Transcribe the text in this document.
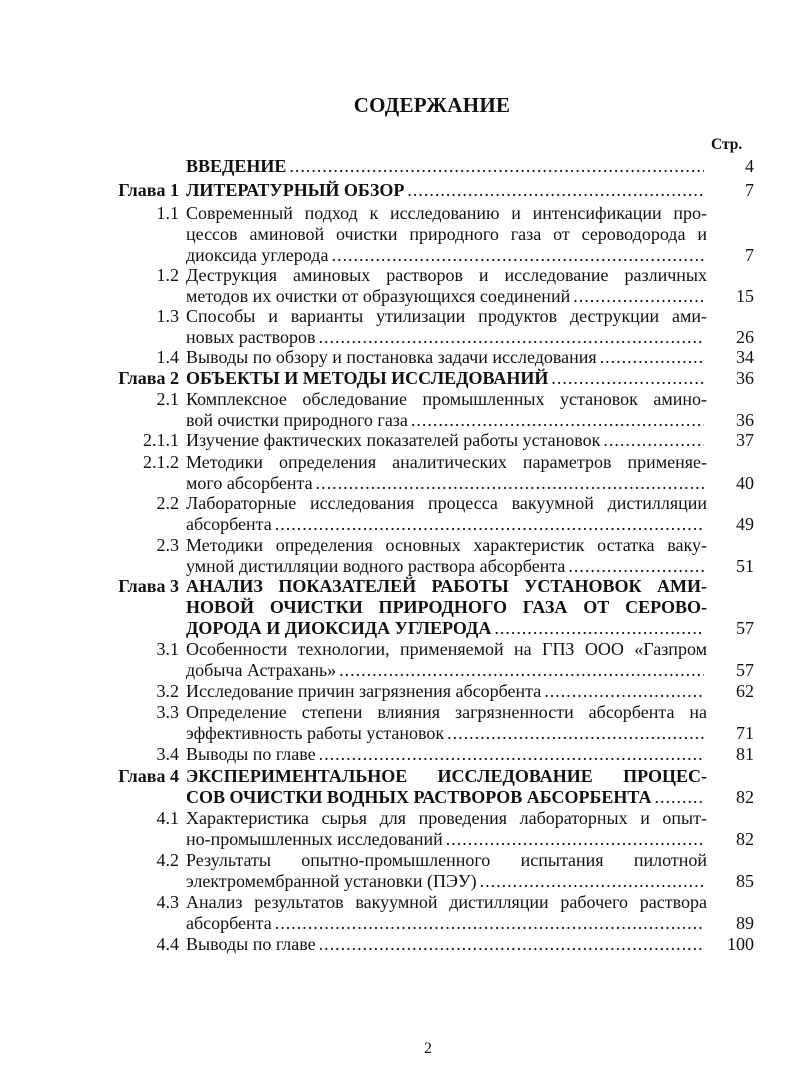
СОДЕРЖАНИЕ
Стр.
ВВЕДЕНИЕ .....	4
Глава 1 ЛИТЕРАТУРНЫЙ ОБЗОР .....	7
1.1 Современный подход к исследованию и интенсификации про-
цессов аминовой очистки природного газа от сероводорода и
диоксида углерода .....	7
1.2 Деструкция аминовых растворов и исследование различных
методов их очистки от образующихся соединений .....	15
1.3 Способы и варианты утилизации продуктов деструкции ами-
новых растворов .....	26
1.4 Выводы по обзору и постановка задачи исследования .....	34
Глава 2 ОБЪЕКТЫ И МЕТОДЫ ИССЛЕДОВАНИЙ .....	36
2.1 Комплексное обследование промышленных установок амино-
вой очистки природного газа .....	36
2.1.1 Изучение фактических показателей работы установок .....	37
2.1.2 Методики определения аналитических параметров применяе-
мого абсорбента .....	40
2.2 Лабораторные исследования процесса вакуумной дистилляции
абсорбента .....	49
2.3 Методики определения основных характеристик остатка ваку-
умной дистилляции водного раствора абсорбента .....	51
Глава 3 АНАЛИЗ ПОКАЗАТЕЛЕЙ РАБОТЫ УСТАНОВОК АМИ-
НОВОЙ ОЧИСТКИ ПРИРОДНОГО ГАЗА ОТ СЕРОВО-
ДОРОДА И ДИОКСИДА УГЛЕРОДА .....	57
3.1 Особенности технологии, применяемой на ГПЗ ООО «Газпром
добыча Астрахань» .....	57
3.2 Исследование причин загрязнения абсорбента .....	62
3.3 Определение степени влияния загрязненности абсорбента на
эффективность работы установок .....	71
3.4 Выводы по главе .....	81
Глава 4 ЭКСПЕРИМЕНТАЛЬНОЕ ИССЛЕДОВАНИЕ ПРОЦЕС-
СОВ ОЧИСТКИ ВОДНЫХ РАСТВОРОВ АБСОРБЕНТА .....	82
4.1 Характеристика сырья для проведения лабораторных и опыт-
но-промышленных исследований .....	82
4.2 Результаты опытно-промышленного испытания пилотной
электромембранной установки (ПЭУ) .....	85
4.3 Анализ результатов вакуумной дистилляции рабочего раствора
абсорбента .....	89
4.4 Выводы по главе .....	100
2
